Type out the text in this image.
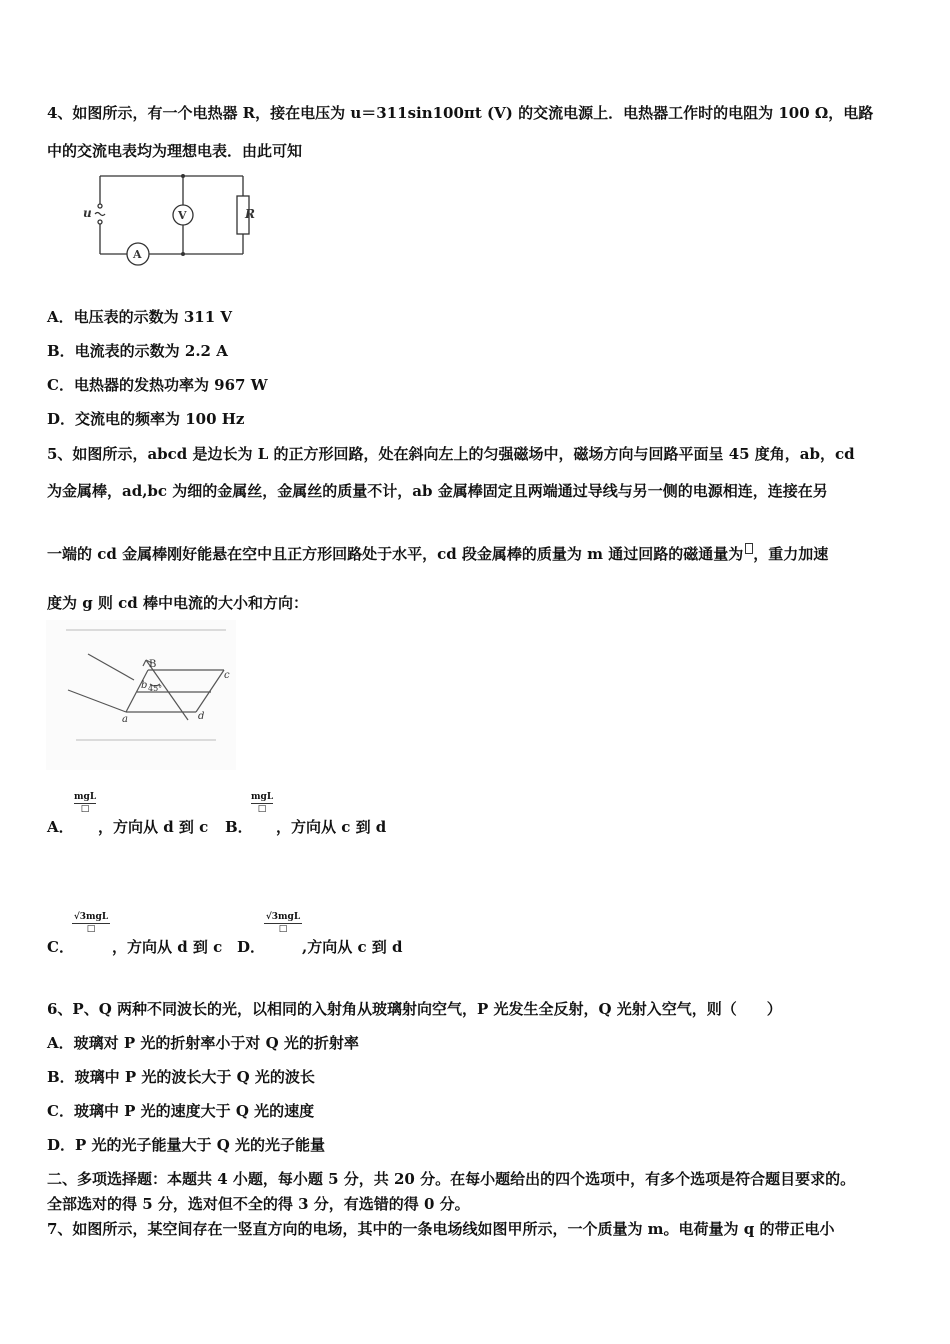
4、如图所示，有一个电热器 R，接在电压为 u＝311sin100πt (V) 的交流电源上．电热器工作时的电阻为 100 Ω，电路
中的交流电表均为理想电表．由此可知
u	V
A
R
A．电压表的示数为 311 V
B．电流表的示数为 2.2 A
C．电热器的发热功率为 967 W
D．交流电的频率为 100 Hz
5、如图所示，abcd 是边长为 L 的正方形回路，处在斜向左上的匀强磁场中，磁场方向与回路平面呈 45 度角，ab，cd
为金属棒，ad,bc 为细的金属丝，金属丝的质量不计，ab 金属棒固定且两端通过导线与另一侧的电源相连，连接在另
一端的 cd 金属棒刚好能悬在空中且正方形回路处于水平，cd 段金属棒的质量为 m 通过回路的磁通量为 ，重力加速
度为 g 则 cd 棒中电流的大小和方向：
B
45°
a
b
c
d
A．
mgL
□
，方向从 d 到 c B．
mgL
□
，方向从 c 到 d
C．
√3mgL
□
，方向从 d 到 c D．
√3mgL
□
,方向从 c 到 d
6、P、Q 两种不同波长的光，以相同的入射角从玻璃射向空气，P 光发生全反射，Q 光射入空气，则（　　）
A．玻璃对 P 光的折射率小于对 Q 光的折射率
B．玻璃中 P 光的波长大于 Q 光的波长
C．玻璃中 P 光的速度大于 Q 光的速度
D．P 光的光子能量大于 Q 光的光子能量
二、多项选择题：本题共 4 小题，每小题 5 分，共 20 分。在每小题给出的四个选项中，有多个选项是符合题目要求的。
全部选对的得 5 分，选对但不全的得 3 分，有选错的得 0 分。
7、如图所示，某空间存在一竖直方向的电场，其中的一条电场线如图甲所示，一个质量为 m。电荷量为 q 的带正电小
